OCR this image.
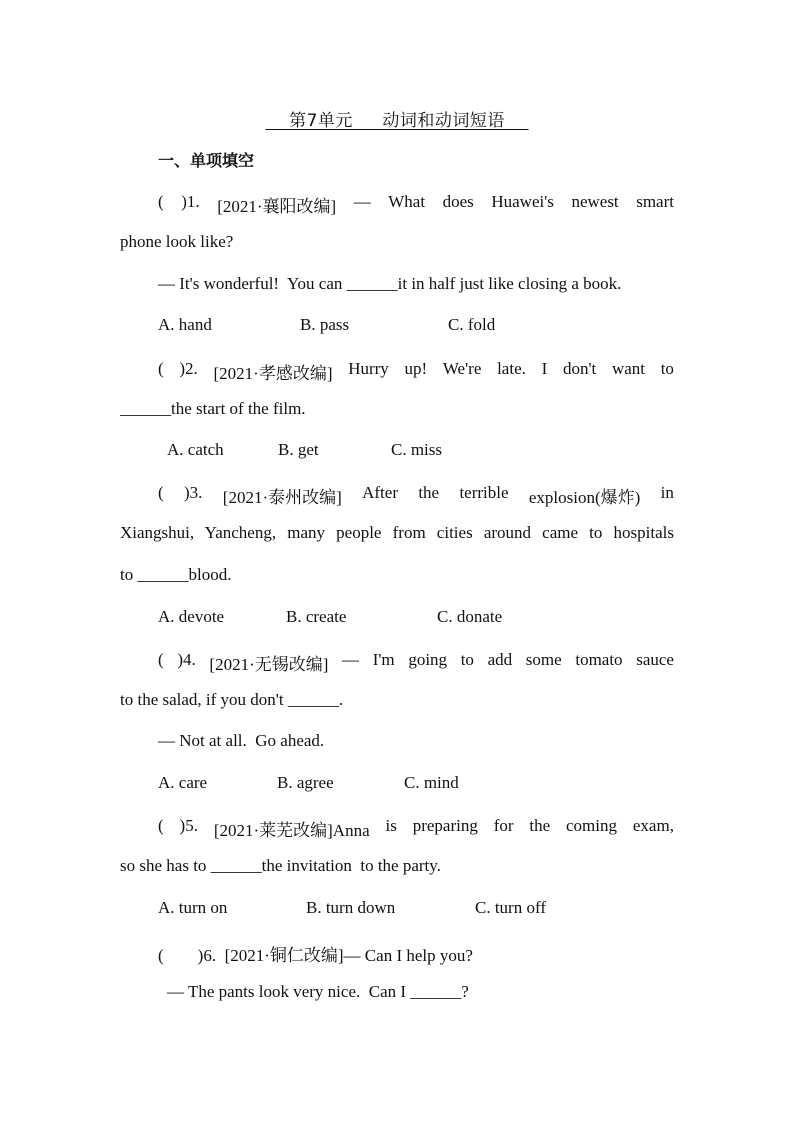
第7单元 动词和动词短语
一、单项填空
( )1. [2021·襄阳改编] — What does Huawei's newest smart
phone look like?
— It's wonderful!  You can ______it in half just like closing a book.
A. hand	B. pass	C. fold
( )2. [2021·孝感改编] Hurry up! We're late. I don't want to
______the start of the film.
A. catch	B. get	C. miss
( )3. [2021·泰州改编] After the terrible explosion(爆炸) in
Xiangshui, Yancheng, many people from cities around came to hospitals
to ______blood.
A. devote	B. create	C. donate
( )4. [2021·无锡改编] — I'm going to add some tomato sauce
to the salad, if you don't ______.
— Not at all.  Go ahead.
A. care	B. agree	C. mind
( )5. [2021·莱芜改编]Anna is preparing for the coming exam,
so she has to ______the invitation  to the party.
A. turn on	B. turn down	C. turn off
(        )6.  [2021·铜仁改编]— Can I help you?
— The pants look very nice.  Can I ______?
